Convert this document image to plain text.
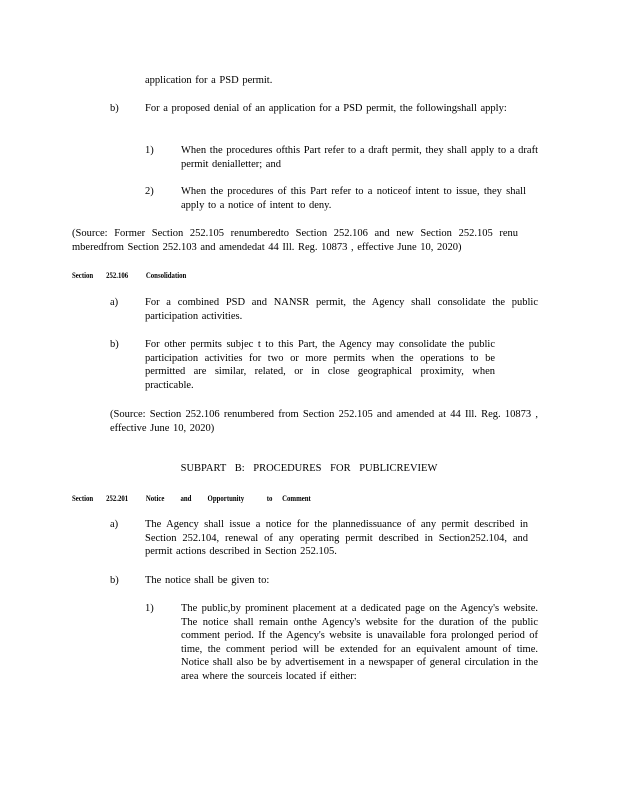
application for a PSD permit.

b)	For a proposed denial of an application for a PSD permit, the followingshall apply:

1)	When the procedures ofthis Part refer to a draft permit, they shall apply to a draft permit denialletter; and

2)	When the procedures of this Part refer to a noticeof intent to issue, they shall apply to a notice of intent to deny.

(Source: Former Section 252.105 renumberedto Section 252.106 and new Section 252.105 renu mberedfrom Section 252.103 and amendedat 44 Ill. Reg. 10873 , effective June 10, 2020)

Section 252.106 Consolidation
a)	For a combined PSD and NANSR permit, the Agency shall consolidate the public participation activities.

b)	For other permits subjec t to this Part, the Agency may consolidate the public participation activities for two or more permits when the operations to be permitted are similar, related, or in close geographical proximity, when practicable.

(Source: Section 252.106 renumbered from Section 252.105 and amended at 44 Ill. Reg. 10873 , effective June 10, 2020)

SUBPART B: PROCEDURES FOR PUBLICREVIEW

Section 252.201 Notice and Opportunity	to Comment
a)	The Agency shall issue a notice for the plannedissuance of any permit described in Section 252.104, renewal of any operating permit described in Section252.104, and permit actions described in Section 252.105.

b)	The notice shall be given to:

1)	The public,by prominent placement at a dedicated page on the Agency's website. The notice shall remain onthe Agency's website for the duration of the public comment period. If the Agency's website is unavailable fora prolonged period of time, the comment period will be extended for an equivalent amount of time. Notice shall also be by advertisement in a newspaper of general circulation in the area where the sourceis located if either:
